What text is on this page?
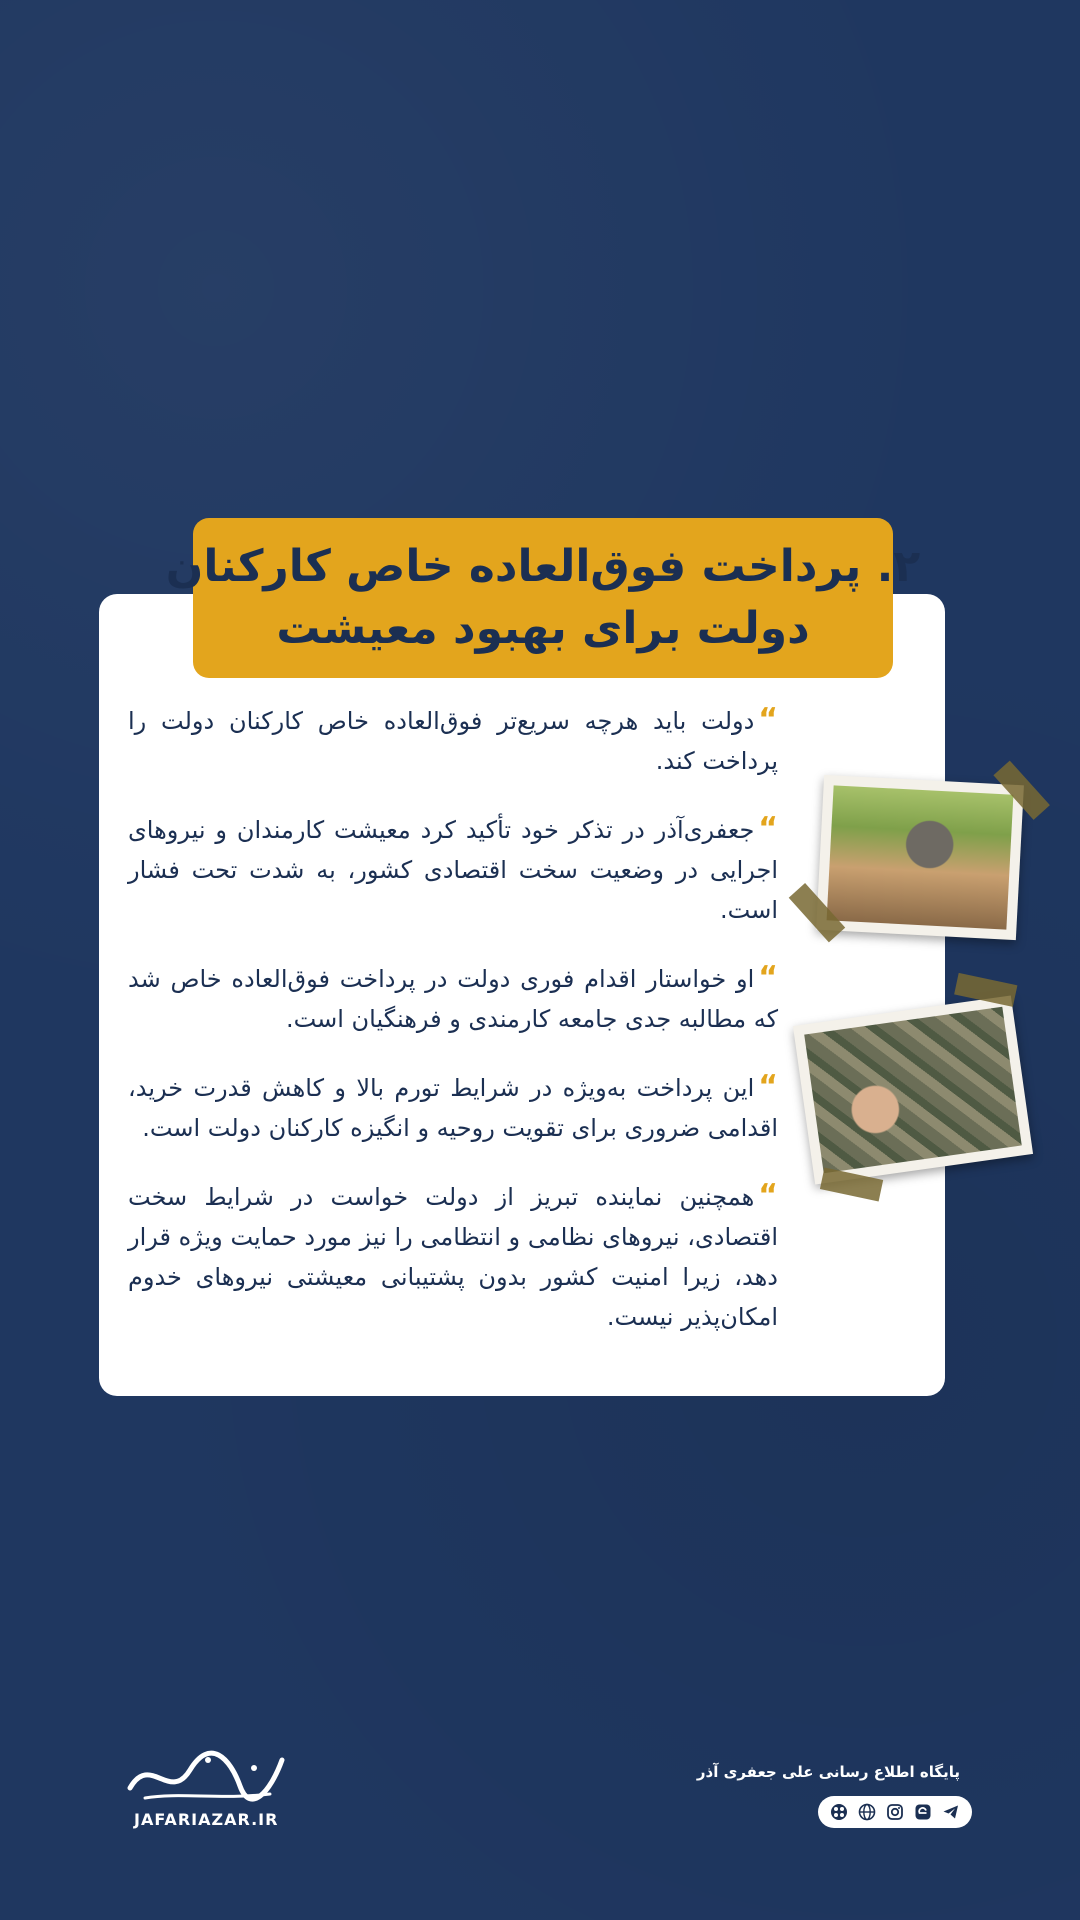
۲. پرداخت فوق‌العاده خاص کارکنان
دولت برای بهبود معیشت

“دولت باید هرچه سریع‌تر فوق‌العاده خاص کارکنان دولت را پرداخت کند.

“جعفری‌آذر در تذکر خود تأکید کرد معیشت کارمندان و نیروهای اجرایی در وضعیت سخت اقتصادی کشور، به شدت تحت فشار است.

“او خواستار اقدام فوری دولت در پرداخت فوق‌العاده خاص شد که مطالبه جدی جامعه کارمندی و فرهنگیان است.

“این پرداخت به‌ویژه در شرایط تورم بالا و کاهش قدرت خرید، اقدامی ضروری برای تقویت روحیه و انگیزه کارکنان دولت است.

“همچنین نماینده تبریز از دولت خواست در شرایط سخت اقتصادی، نیروهای نظامی و انتظامی را نیز مورد حمایت ویژه قرار دهد، زیرا امنیت کشور بدون پشتیبانی معیشتی نیروهای خدوم امکان‌پذیر نیست.

JAFARIAZAR.IR
پایگاه اطلاع رسانی علی جعفری آذر
